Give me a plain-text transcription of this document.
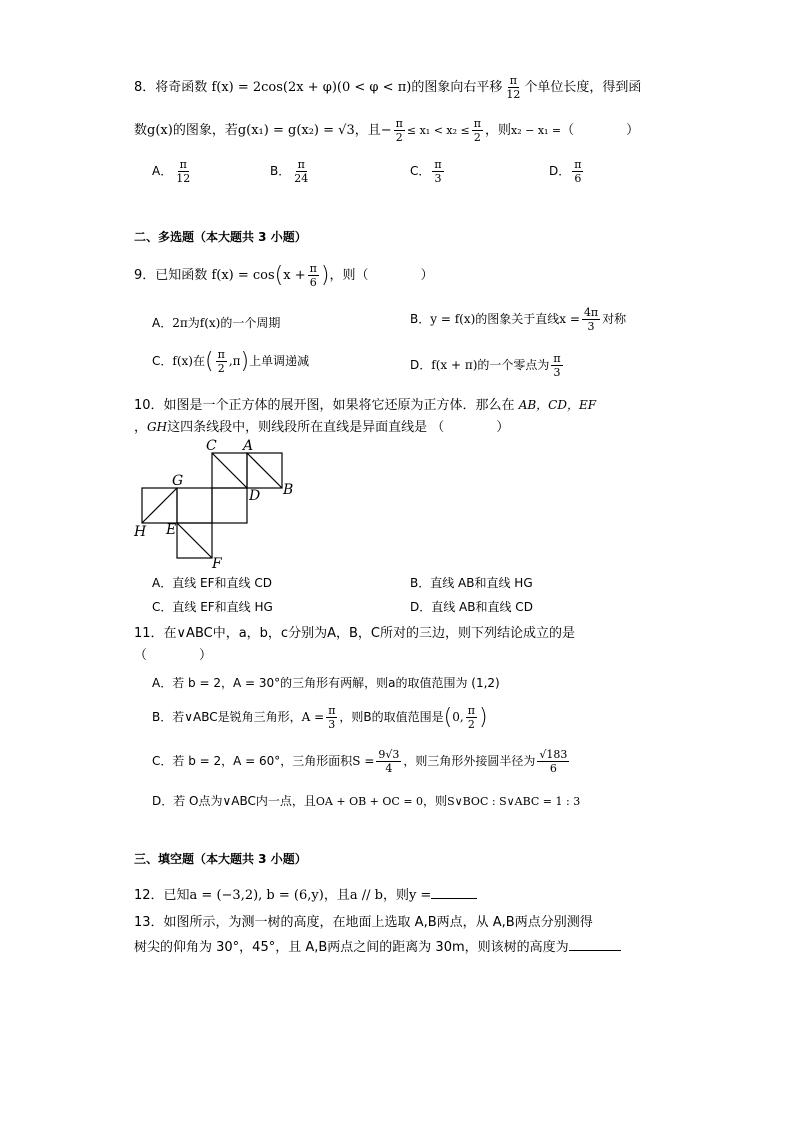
8．将奇函数 f(x) = 2cos(2x + φ)(0 < φ < π)的图象向右平移 $\frac{\pi}{12}$ 个单位长度，得到函
数g(x)的图象，若g(x₁) = g(x₂) = √3，且− $\frac{\pi}{2} \le x_1 < x_2 \le \frac{\pi}{2}$ ，则x₂ − x₁ =（　　　　）
A． $\frac{\pi}{12}$	B． $\frac{\pi}{24}$	C． $\frac{\pi}{3}$	D． $\frac{\pi}{6}$
二、多选题（本大题共 3 小题）
9．已知函数 $f(x) = \cos(x + \frac{\pi}{6}$ )，则（　　　　）
A．2π为f(x)的一个周期	B．y = f(x)的图象关于直线$x = \frac{4\pi}{3}$ 对称
C．f(x)在( $\frac{\pi}{2} ,\pi$)上单调递减	D．f(x + π)的一个零点为 $\frac{\pi}{3}$
10．如图是一个正方体的展开图，如果将它还原为正方体．那么在 AB，CD，EF
，GH这四条线段中，则线段所在直线是异面直线是 （　　　　）
C A
G
D B
H E
F
A．直线 EF和直线 CD	B．直线 AB和直线 HG
C．直线 EF和直线 HG	D．直线 AB和直线 CD
11．在∨ABC中，a，b，c分别为A，B，C所对的三边，则下列结论成立的是
（　　　　）
A．若 b = 2，A = 30°的三角形有两解，则a的取值范围为 (1,2)
B．若∨ABC是锐角三角形，$A = \frac{\pi}{3}$ ，则B的取值范围是(0, $\frac{\pi}{2}$ )
C．若 b = 2，A = 60°，三角形面积$S = \frac{9√3}{4}$ ，则三角形外接圆半径为 $\frac{√183}{6}$
D．若 O点为∨ABC内一点，且OA + OB + OC = 0，则S∨BOC : S∨ABC = 1 : 3
三、填空题（本大题共 3 小题）
12．已知a = (−3,2), b = (6,y)，且a // b，则y =
13．如图所示，为测一树的高度，在地面上选取 A,B两点，从 A,B两点分别测得
树尖的仰角为 30°，45°，且 A,B两点之间的距离为 30m，则该树的高度为
